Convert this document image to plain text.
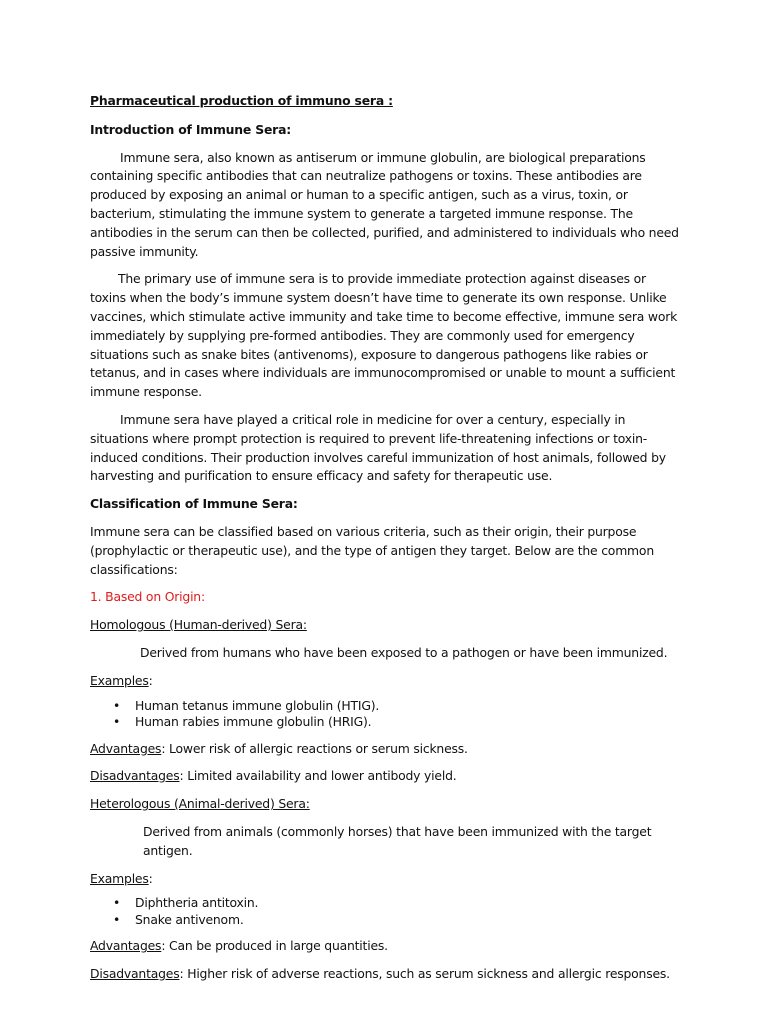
Pharmaceutical production of immuno sera :

Introduction of Immune Sera:

Immune sera, also known as antiserum or immune globulin, are biological preparations containing specific antibodies that can neutralize pathogens or toxins. These antibodies are produced by exposing an animal or human to a specific antigen, such as a virus, toxin, or bacterium, stimulating the immune system to generate a targeted immune response. The antibodies in the serum can then be collected, purified, and administered to individuals who need passive immunity.

The primary use of immune sera is to provide immediate protection against diseases or toxins when the body’s immune system doesn’t have time to generate its own response. Unlike vaccines, which stimulate active immunity and take time to become effective, immune sera work immediately by supplying pre-formed antibodies. They are commonly used for emergency situations such as snake bites (antivenoms), exposure to dangerous pathogens like rabies or tetanus, and in cases where individuals are immunocompromised or unable to mount a sufficient immune response.

Immune sera have played a critical role in medicine for over a century, especially in situations where prompt protection is required to prevent life-threatening infections or toxin-induced conditions. Their production involves careful immunization of host animals, followed by harvesting and purification to ensure efficacy and safety for therapeutic use.

Classification of Immune Sera:

Immune sera can be classified based on various criteria, such as their origin, their purpose (prophylactic or therapeutic use), and the type of antigen they target. Below are the common classifications:

1. Based on Origin:

Homologous (Human-derived) Sera:

Derived from humans who have been exposed to a pathogen or have been immunized.

Examples:

• Human tetanus immune globulin (HTIG).
• Human rabies immune globulin (HRIG).

Advantages: Lower risk of allergic reactions or serum sickness.

Disadvantages: Limited availability and lower antibody yield.

Heterologous (Animal-derived) Sera:

Derived from animals (commonly horses) that have been immunized with the target antigen.

Examples:

• Diphtheria antitoxin.
• Snake antivenom.

Advantages: Can be produced in large quantities.

Disadvantages: Higher risk of adverse reactions, such as serum sickness and allergic responses.
